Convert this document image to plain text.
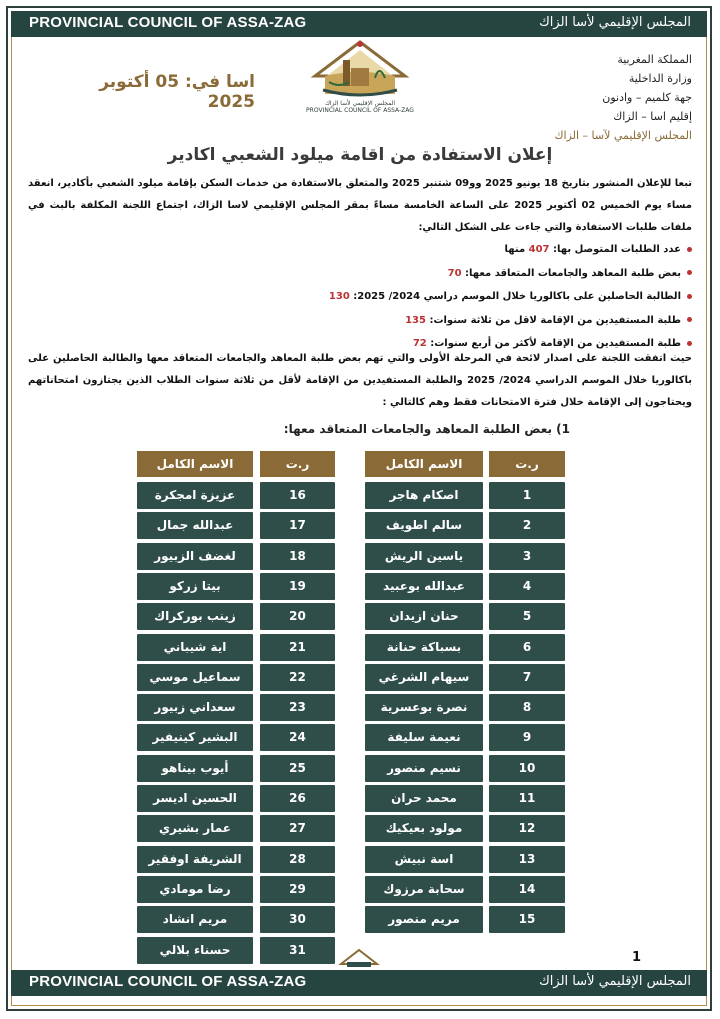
PROVINCIAL COUNCIL OF ASSA-ZAG	المجلس الإقليمي لأسا الزاك
اسا في: 05 أكتوبر 2025	المجلس الإقليمي لأسا الزاك
PROVINCIAL COUNCIL OF ASSA-ZAG
المملكة المغربية
وزارة الداخلية
جهة كلميم – وادنون
إقليم اسا – الزاك
المجلس الإقليمي لآسا – الزاك
إعلان الاستفادة من اقامة ميلود الشعبي اكادير
تبعا للإعلان المنشور بتاريخ 18 يونيو 2025 وو09 شتنبر 2025 والمتعلق بالاستفادة من خدمات السكن بإقامة ميلود الشعبي بأكادير، انعقد مساء يوم الخميس 02 أكتوبر 2025 على الساعة الخامسة مساءً بمقر المجلس الإقليمي لاسا الزاك، اجتماع اللجنة المكلفة بالبث في ملفات طلبات الاستفادة والتي جاءت على الشكل التالي:
عدد الطلبات المتوصل بها: 407 منها
بعض طلبة المعاهد والجامعات المتعاقد معها: 70
الطالبة الحاصلين على باكالوريا خلال الموسم دراسي 2024/ 2025: 130
طلبة المستفيدين من الإقامة لاقل من ثلاثة سنوات: 135
طلبة المستفيدين من الإقامة لأكثر من أربع سنوات: 72
حيث اتفقت اللجنة على اصدار لائحة في المرحلة الأولى والتي تهم بعض طلبة المعاهد والجامعات المتعاقد معها والطالبة الحاصلين على باكالوريا خلال الموسم الدراسي 2024/ 2025 والطلبة المستفيدين من الإقامة لأقل من ثلاثة سنوات الطلاب الذين يجتازون امتحاناتهم ويحتاجون إلى الإقامة خلال فترة الامتحانات فقط وهم كالتالي :
1) بعض الطلبة المعاهد والجامعات المتعاقد معها:
ر.ت
الاسم الكامل
اصكام هاجر	1
سالم اطويف	2
ياسين الريش	3
عبدالله بوعبيد	4
حنان ازيدان	5
بسباكة حنانة	6
سيهام الشرغي	7
نصرة بوعسرية	8
نعيمة سليفة	9
نسيم منصور	10
محمد حران	11
مولود بعيكيك	12
اسة نبيش	13
سحابة مرزوك	14
مريم منصور	15
ر.ت
الاسم الكامل
عزيزة امجكرة	16
عبدالله جمال	17
لغضف الزبيور	18
بيتا زركو	19
زينب بوركراك	20
اية شيباني	21
سماعيل موسي	22
سعداني زبيور	23
البشير كينيفير	24
أيوب بيناهو	25
الحسين اديسر	26
عمار بشيري	27
الشريفة اوفقير	28
رضا مومادي	29
مريم انشاد	30
حسناء بلالي	31
1
PROVINCIAL COUNCIL OF ASSA-ZAG	المجلس الإقليمي لأسا الزاك
